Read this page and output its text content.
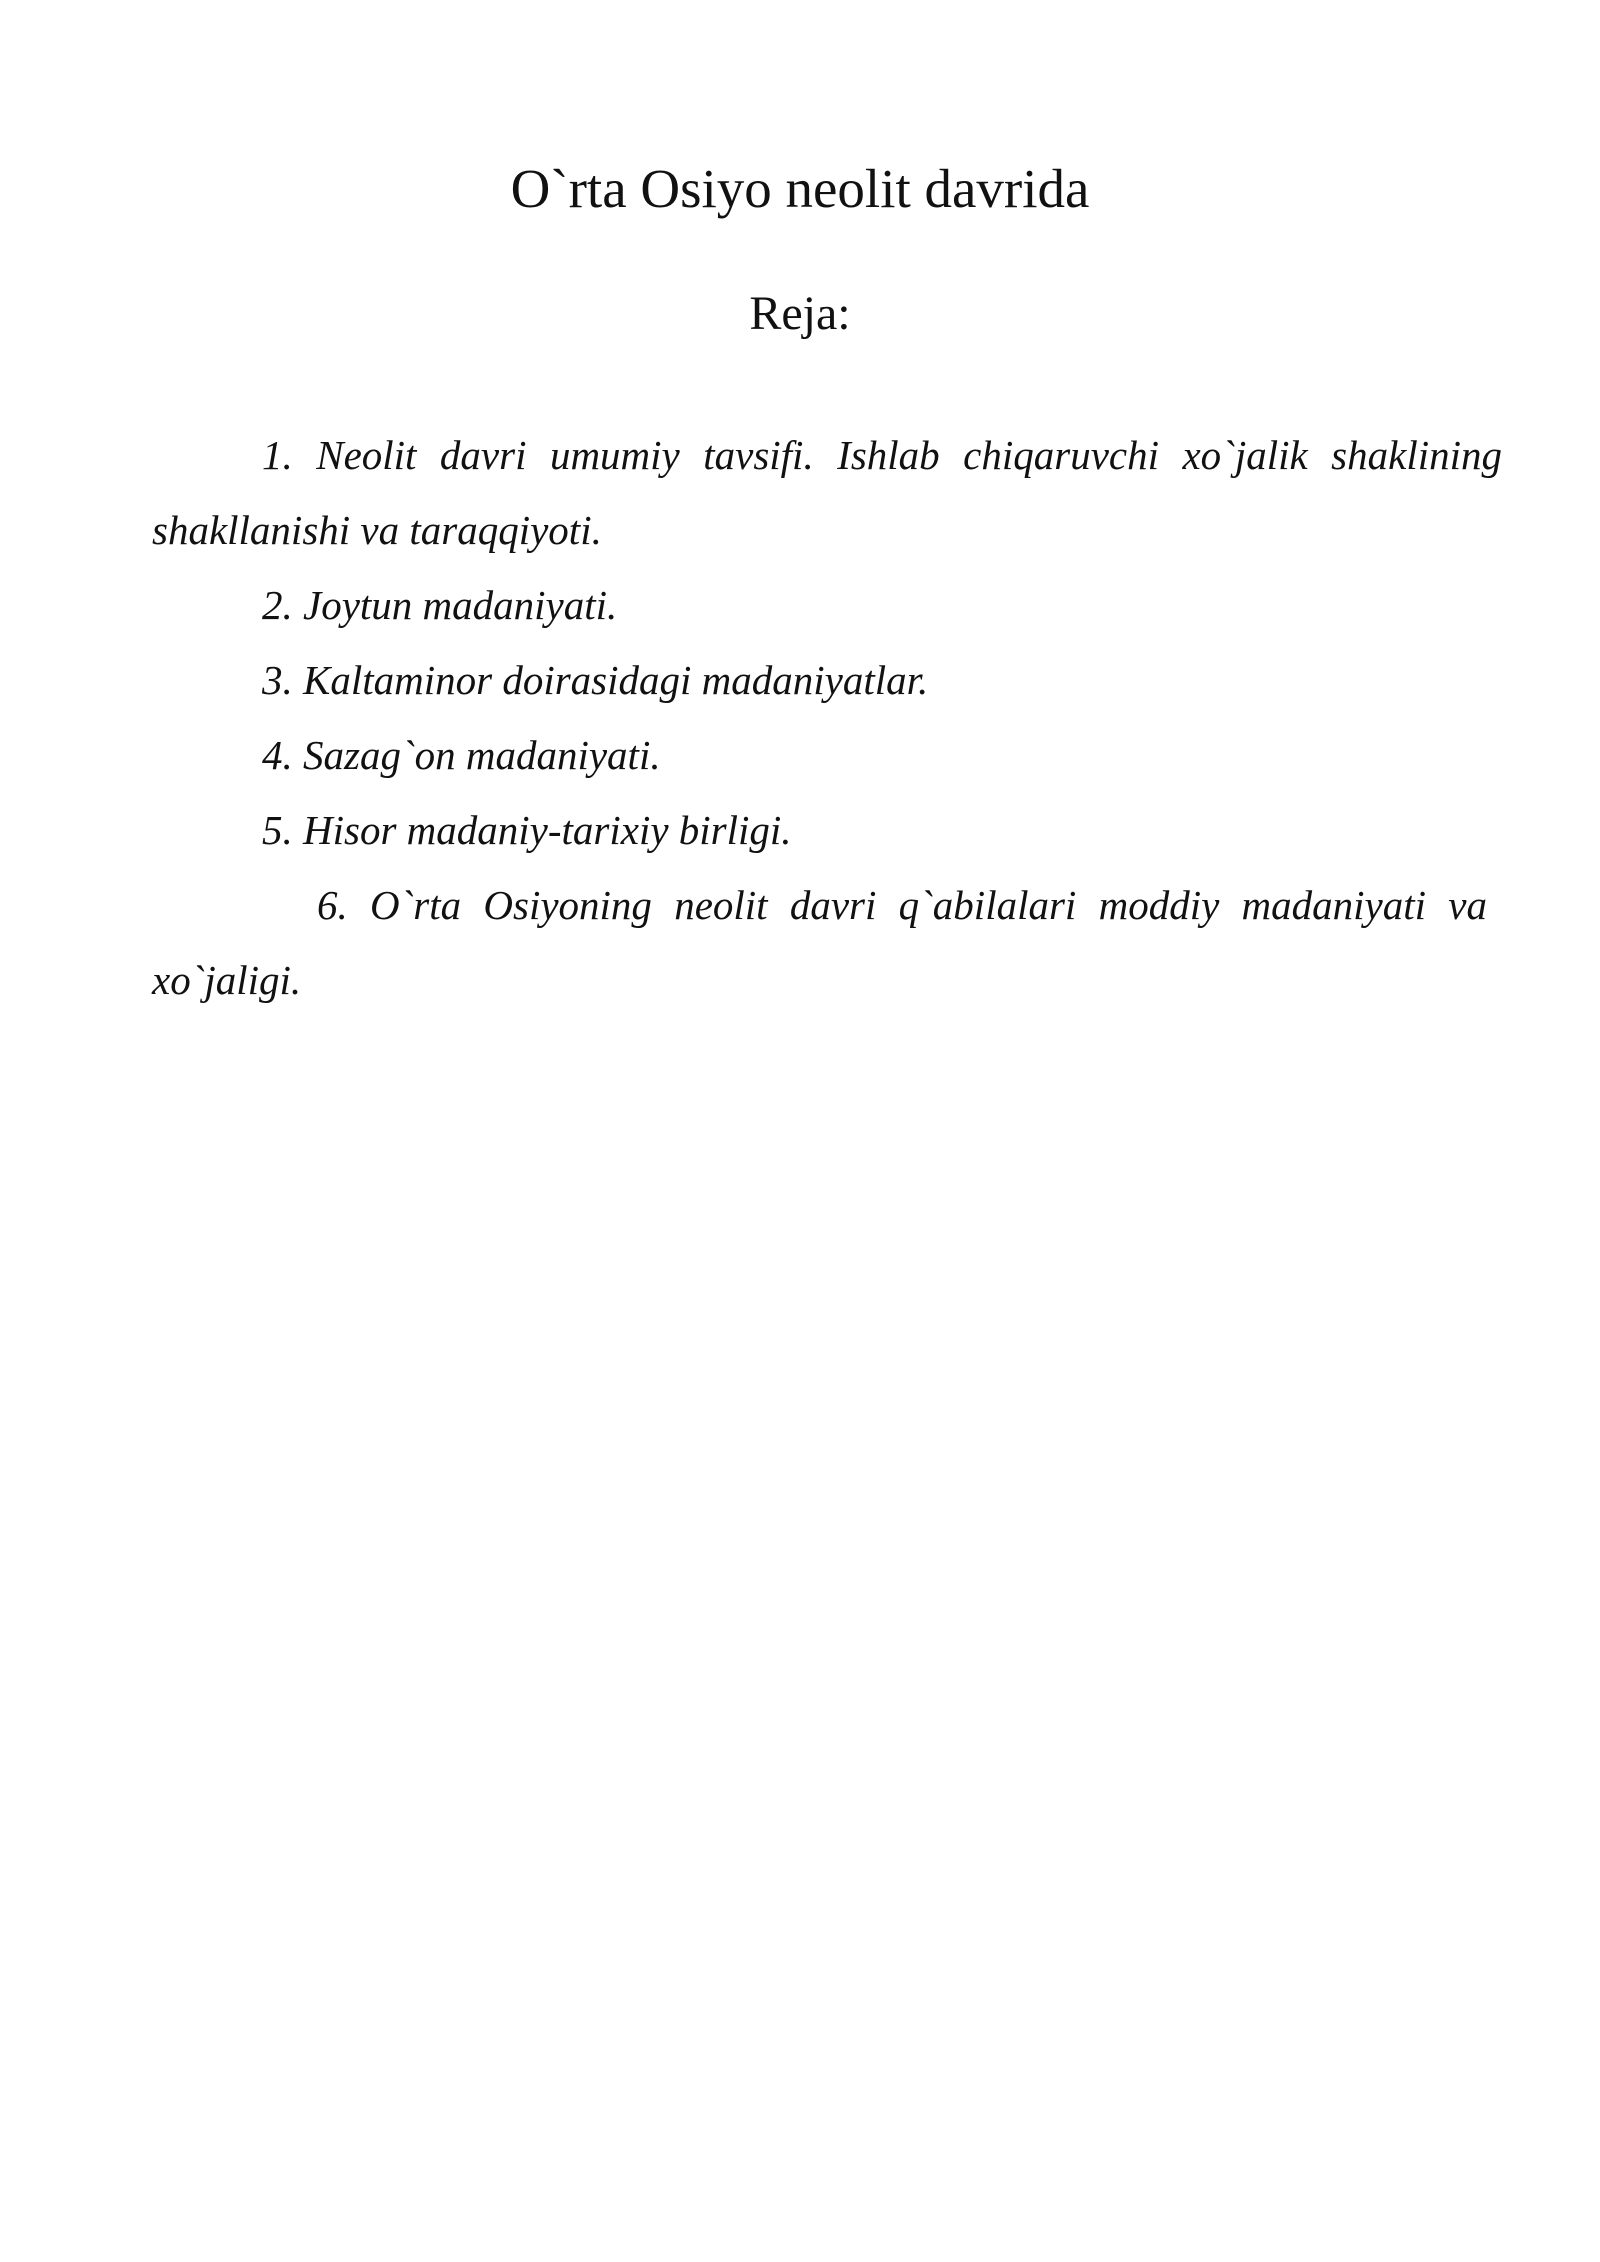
O`rta Osiyo neolit davrida
Reja:
1. Neolit davri umumiy tavsifi. Ishlab chiqaruvchi xo`jalik shaklining
shakllanishi va taraqqiyoti.
2. Joytun madaniyati.
3. Kaltaminor doirasidagi madaniyatlar.
4. Sazag`on madaniyati.
5. Hisor madaniy-tarixiy birligi.
6. O`rta Osiyoning neolit davri q`abilalari moddiy madaniyati va
xo`jaligi.
